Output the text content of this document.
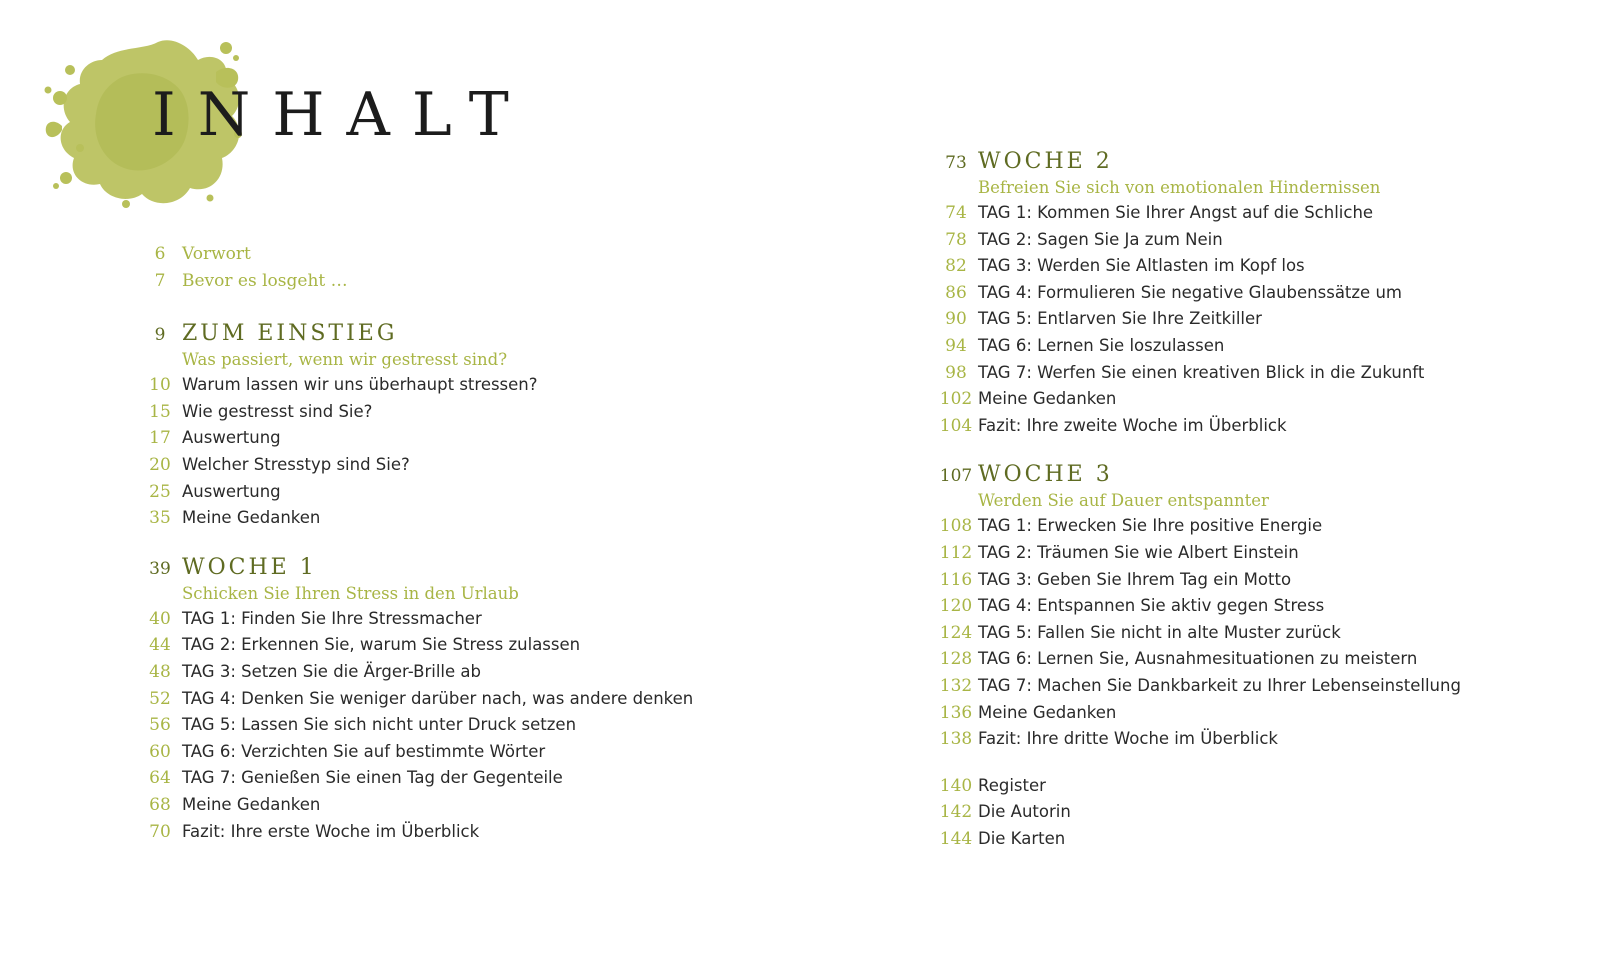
INHALT
6 Vorwort
7 Bevor es losgeht …
9 ZUM EINSTIEG
Was passiert, wenn wir gestresst sind?
10 Warum lassen wir uns überhaupt stressen?
15 Wie gestresst sind Sie?
17 Auswertung
20 Welcher Stresstyp sind Sie?
25 Auswertung
35 Meine Gedanken
39 WOCHE 1
Schicken Sie Ihren Stress in den Urlaub
40 TAG 1: Finden Sie Ihre Stressmacher
44 TAG 2: Erkennen Sie, warum Sie Stress zulassen
48 TAG 3: Setzen Sie die Ärger-Brille ab
52 TAG 4: Denken Sie weniger darüber nach, was andere denken
56 TAG 5: Lassen Sie sich nicht unter Druck setzen
60 TAG 6: Verzichten Sie auf bestimmte Wörter
64 TAG 7: Genießen Sie einen Tag der Gegenteile
68 Meine Gedanken
70 Fazit: Ihre erste Woche im Überblick
73 WOCHE 2
Befreien Sie sich von emotionalen Hindernissen
74 TAG 1: Kommen Sie Ihrer Angst auf die Schliche
78 TAG 2: Sagen Sie Ja zum Nein
82 TAG 3: Werden Sie Altlasten im Kopf los
86 TAG 4: Formulieren Sie negative Glaubenssätze um
90 TAG 5: Entlarven Sie Ihre Zeitkiller
94 TAG 6: Lernen Sie loszulassen
98 TAG 7: Werfen Sie einen kreativen Blick in die Zukunft
102 Meine Gedanken
104 Fazit: Ihre zweite Woche im Überblick
107 WOCHE 3
Werden Sie auf Dauer entspannter
108 TAG 1: Erwecken Sie Ihre positive Energie
112 TAG 2: Träumen Sie wie Albert Einstein
116 TAG 3: Geben Sie Ihrem Tag ein Motto
120 TAG 4: Entspannen Sie aktiv gegen Stress
124 TAG 5: Fallen Sie nicht in alte Muster zurück
128 TAG 6: Lernen Sie, Ausnahmesituationen zu meistern
132 TAG 7: Machen Sie Dankbarkeit zu Ihrer Lebenseinstellung
136 Meine Gedanken
138 Fazit: Ihre dritte Woche im Überblick
140 Register
142 Die Autorin
144 Die Karten
